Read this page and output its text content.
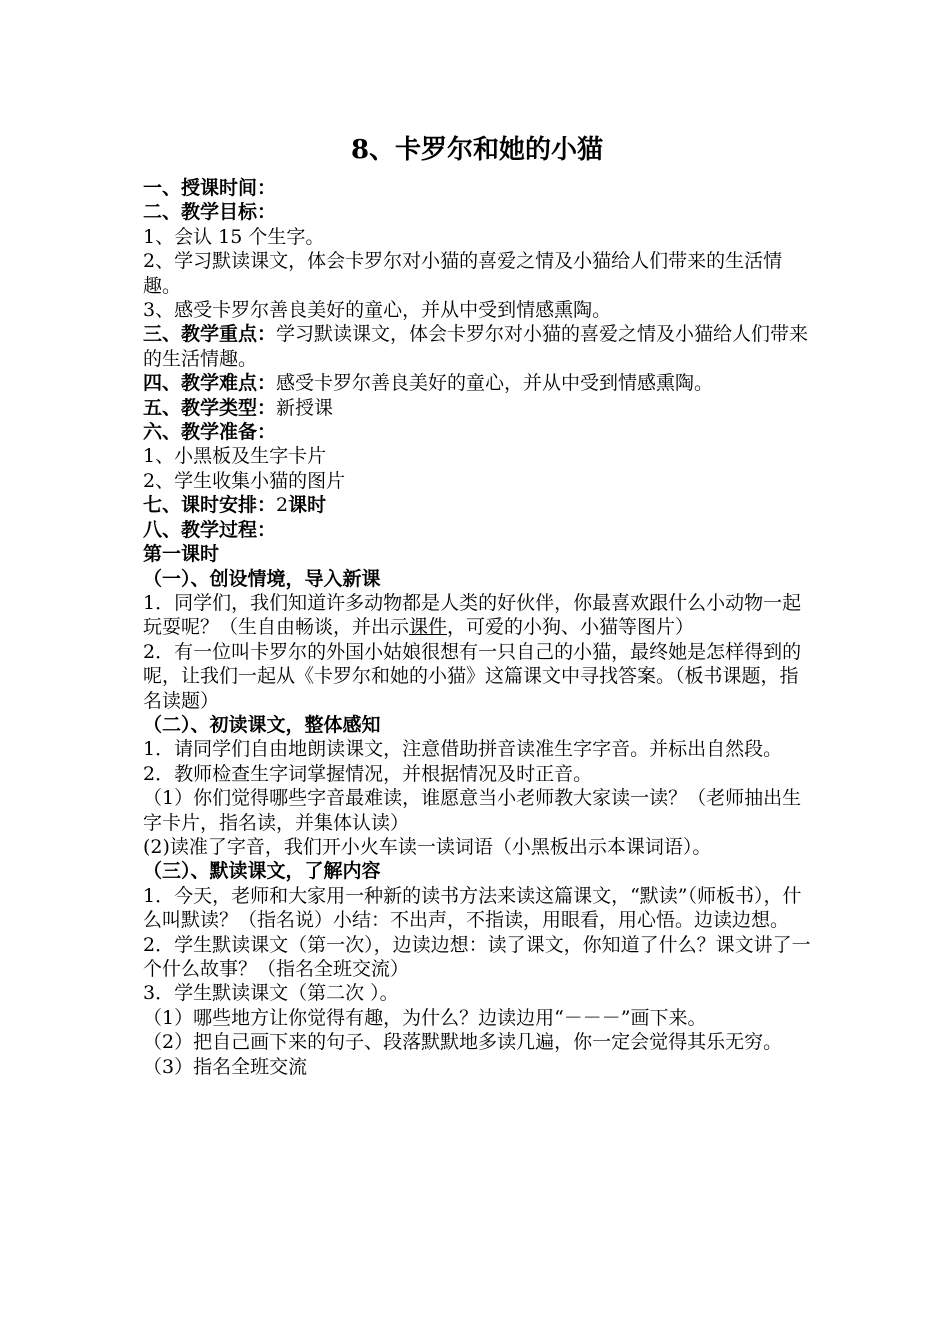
8、卡罗尔和她的小猫

一、授课时间：

二、教学目标：

1、会认 15 个生字。

2、学习默读课文，体会卡罗尔对小猫的喜爱之情及小猫给人们带来的生活情趣。

3、感受卡罗尔善良美好的童心，并从中受到情感熏陶。

三、教学重点：学习默读课文，体会卡罗尔对小猫的喜爱之情及小猫给人们带来的生活情趣。

四、教学难点：感受卡罗尔善良美好的童心，并从中受到情感熏陶。

五、教学类型：新授课

六、教学准备：

1、小黑板及生字卡片

2、学生收集小猫的图片

七、课时安排：2课时

八、教学过程：

第一课时

（一）、创设情境，导入新课

1．同学们，我们知道许多动物都是人类的好伙伴，你最喜欢跟什么小动物一起玩耍呢？（生自由畅谈，并出示课件，可爱的小狗、小猫等图片）

2．有一位叫卡罗尔的外国小姑娘很想有一只自己的小猫，最终她是怎样得到的呢，让我们一起从《卡罗尔和她的小猫》这篇课文中寻找答案。（板书课题，指名读题）

（二）、初读课文，整体感知

1．请同学们自由地朗读课文，注意借助拼音读准生字字音。并标出自然段。

2．教师检查生字词掌握情况，并根据情况及时正音。

（1）你们觉得哪些字音最难读，谁愿意当小老师教大家读一读？（老师抽出生字卡片，指名读，并集体认读）

(2)读准了字音，我们开小火车读一读词语（小黑板出示本课词语）。

（三）、默读课文，了解内容

1．今天，老师和大家用一种新的读书方法来读这篇课文，“默读”（师板书），什么叫默读？（指名说）小结：不出声，不指读，用眼看，用心悟。边读边想。

2．学生默读课文（第一次），边读边想：读了课文，你知道了什么？课文讲了一个什么故事？（指名全班交流）

3．学生默读课文（第二次 ）。

（1）哪些地方让你觉得有趣，为什么？边读边用“－－－”画下来。

（2）把自己画下来的句子、段落默默地多读几遍，你一定会觉得其乐无穷。

（3）指名全班交流
